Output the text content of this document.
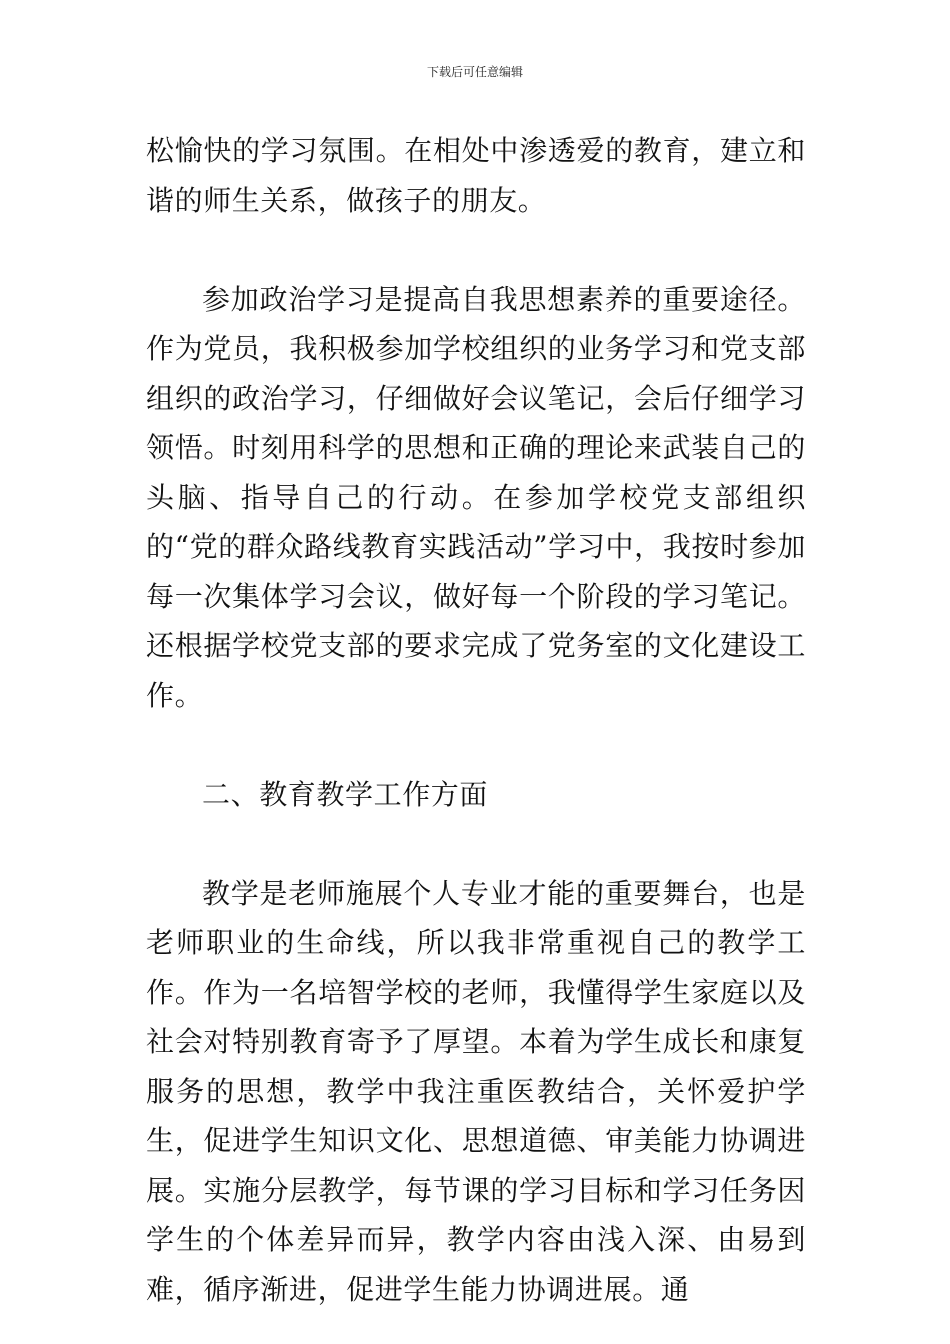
下载后可任意编辑

松愉快的学习氛围。在相处中渗透爱的教育，建立和谐的师生关系，做孩子的朋友。

参加政治学习是提高自我思想素养的重要途径。作为党员，我积极参加学校组织的业务学习和党支部组织的政治学习，仔细做好会议笔记，会后仔细学习领悟。时刻用科学的思想和正确的理论来武装自己的头脑、指导自己的行动。在参加学校党支部组织的“党的群众路线教育实践活动”学习中，我按时参加每一次集体学习会议，做好每一个阶段的学习笔记。还根据学校党支部的要求完成了党务室的文化建设工作。

二、教育教学工作方面

教学是老师施展个人专业才能的重要舞台，也是老师职业的生命线，所以我非常重视自己的教学工作。作为一名培智学校的老师，我懂得学生家庭以及社会对特别教育寄予了厚望。本着为学生成长和康复服务的思想，教学中我注重医教结合，关怀爱护学生，促进学生知识文化、思想道德、审美能力协调进展。实施分层教学，每节课的学习目标和学习任务因学生的个体差异而异，教学内容由浅入深、由易到难，循序渐进，促进学生能力协调进展。通
